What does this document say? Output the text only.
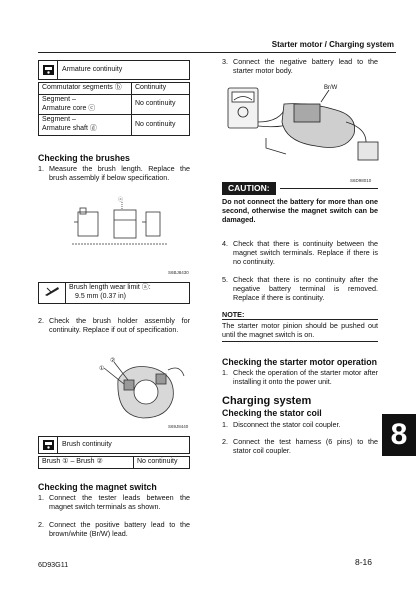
Starter motor / Charging system
Armature continuity	

Commutator segments ⓑ	Continuity
Segment –
Armature core ⓒ	No continuity
Segment –
Armature shaft ⓓ	No continuity
Checking the brushes
1. Measure the brush length. Replace the brush assembly if below specification.
ⓐ
S6BJ8430

Brush length wear limit ⓐ:
9.5 mm (0.37 in)
2. Check the brush holder assembly for continuity. Replace if out of specification.
①
②
S69J8440
Brush continuity

Brush ① – Brush ②	No continuity
Checking the magnet switch
1. Connect the tester leads between the magnet switch terminals as shown.
2. Connect the positive battery lead to the brown/white (Br/W) lead.
3. Connect the negative battery lead to the starter motor body.
Br/W
S6D98010
CAUTION:
Do not connect the battery for more than one second, otherwise the magnet switch can be damaged.
4. Check that there is continuity between the magnet switch terminals. Replace if there is no continuity.
5. Check that there is no continuity after the negative battery terminal is removed. Replace if there is continuity.
NOTE:
The starter motor pinion should be pushed out until the magnet switch is on.
Checking the starter motor operation
1. Check the operation of the starter motor after installing it onto the power unit.
Charging system
Checking the stator coil
1. Disconnect the stator coil coupler.
2. Connect the test harness (6 pins) to the stator coil coupler.	8
6D93G11	8-16
